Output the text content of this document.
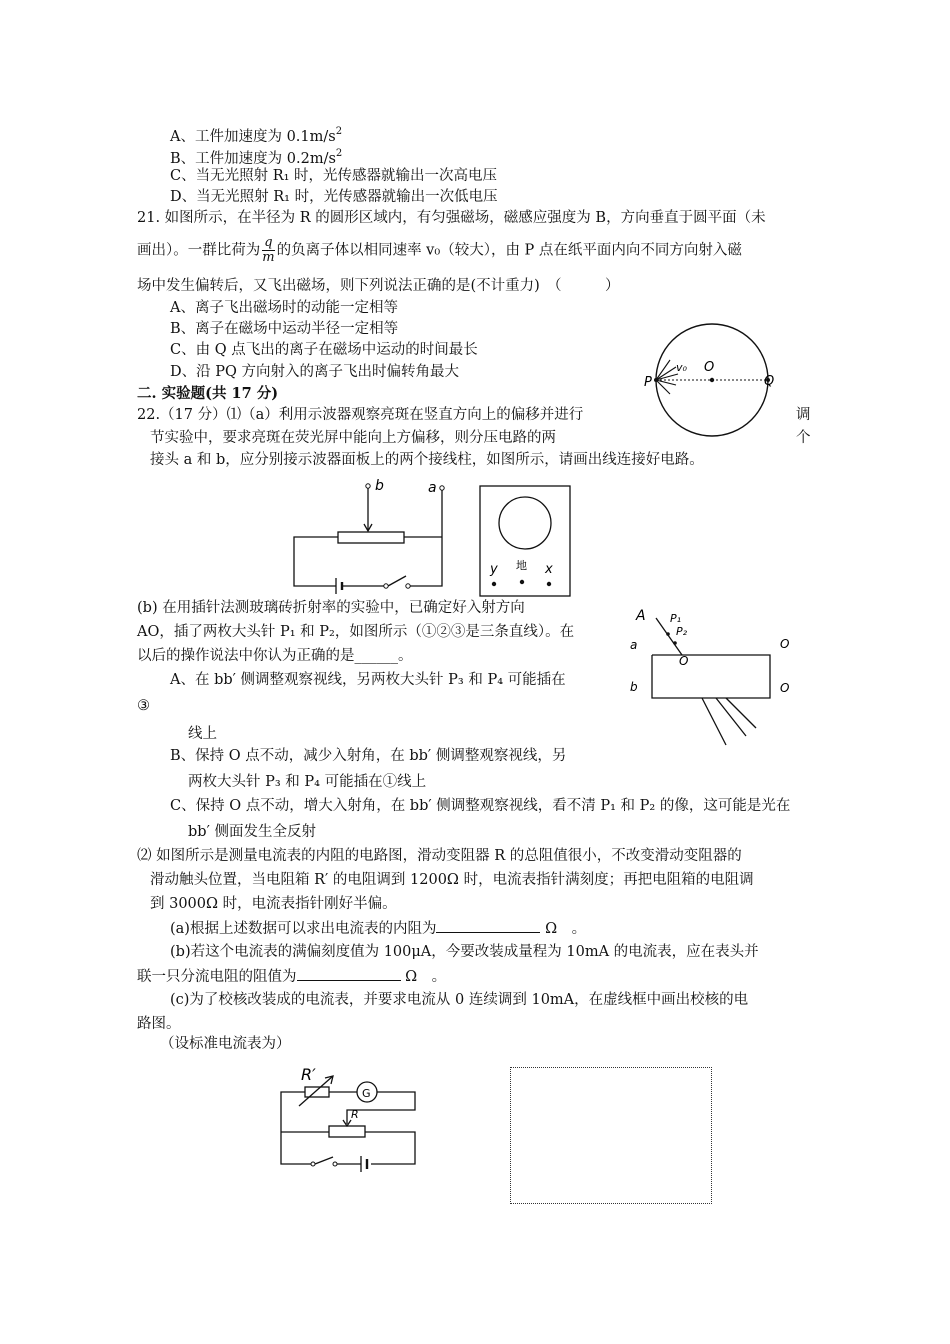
A、工件加速度为 $0.1m/s^2$
B、工件加速度为 $0.2m/s^2$
C、当无光照射 R₁ 时，光传感器就输出一次高电压
D、当无光照射 R₁ 时，光传感器就输出一次低电压
21. 如图所示，在半径为 R 的圆形区域内，有匀强磁场，磁感应强度为 B，方向垂直于圆平面（未
画出）。一群比荷为 $\frac{q}{m}$ 的负离子体以相同速率 v₀（较大），由 P 点在纸平面内向不同方向射入磁
场中发生偏转后，又飞出磁场，则下列说法正确的是(不计重力)　（　　　）
A、离子飞出磁场时的动能一定相等
B、离子在磁场中运动半径一定相等
C、由 Q 点飞出的离子在磁场中运动的时间最长
D、沿 PQ 方向射入的离子飞出时偏转角最大
P	Q
O
v₀
二. 实验题(共 17 分)
22.（17 分）⑴（a）利用示波器观察亮斑在竖直方向上的偏移并进行	调
节实验中，要求亮斑在荧光屏中能向上方偏移，则分压电路的两	个
接头 a 和 b，应分别接示波器面板上的两个接线柱，如图所示，请画出线连接好电路。
b	a
y 地 x
(b) 在用插针法测玻璃砖折射率的实验中，已确定好入射方向
AO，插了两枚大头针 P₁ 和 P₂，如图所示（①②③是三条直线）。在
以后的操作说法中你认为正确的是______。
A、在 bb′ 侧调整观察视线，另两枚大头针 P₃ 和 P₄ 可能插在
③
线上
B、保持 O 点不动，减少入射角，在 bb′ 侧调整观察视线，另
两枚大头针 P₃ 和 P₄ 可能插在①线上
C、保持 O 点不动，增大入射角，在 bb′ 侧调整观察视线，看不清 P₁ 和 P₂ 的像，这可能是光在
bb′ 侧面发生全反射
A P₁
P₂
a
b
O
O
O
⑵ 如图所示是测量电流表的内阻的电路图，滑动变阻器 R 的总阻值很小，不改变滑动变阻器的
滑动触头位置，当电阻箱 R′ 的电阻调到 1200Ω 时，电流表指针满刻度；再把电阻箱的电阻调
到 3000Ω 时，电流表指针刚好半偏。
(a)根据上述数据可以求出电流表的内阻为	Ω　。
(b)若这个电流表的满偏刻度值为 100μA，今要改装成量程为 10mA 的电流表，应在表头并
联一只分流电阻的阻值为	Ω　。
(c)为了校核改装成的电流表，并要求电流从 0 连续调到 10mA，在虚线框中画出校核的电
路图。
（设标准电流表为）
R′
G
R
